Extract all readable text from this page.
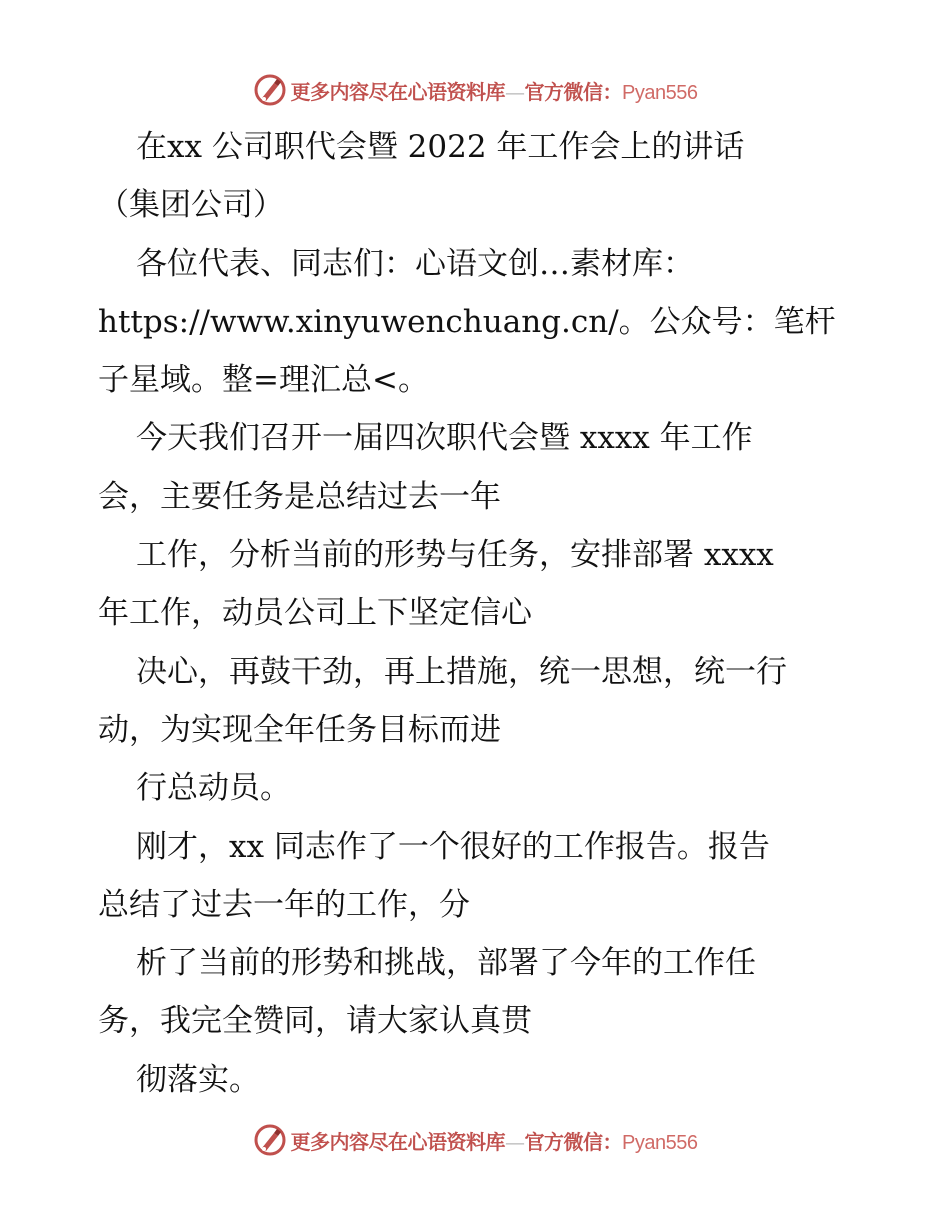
更多内容尽在心语资料库—官方微信：Pyan556
在xx 公司职代会暨 2022 年工作会上的讲话
（集团公司）
各位代表、同志们：心语文创…素材库：
https://www.xinyuwenchuang.cn/。公众号：笔杆
子星域。整=理汇总<。
今天我们召开一届四次职代会暨 xxxx 年工作
会，主要任务是总结过去一年
工作，分析当前的形势与任务，安排部署 xxxx
年工作，动员公司上下坚定信心
决心，再鼓干劲，再上措施，统一思想，统一行
动，为实现全年任务目标而进
行总动员。
刚才，xx 同志作了一个很好的工作报告。报告
总结了过去一年的工作，分
析了当前的形势和挑战，部署了今年的工作任
务，我完全赞同，请大家认真贯
彻落实。
更多内容尽在心语资料库—官方微信：Pyan556
